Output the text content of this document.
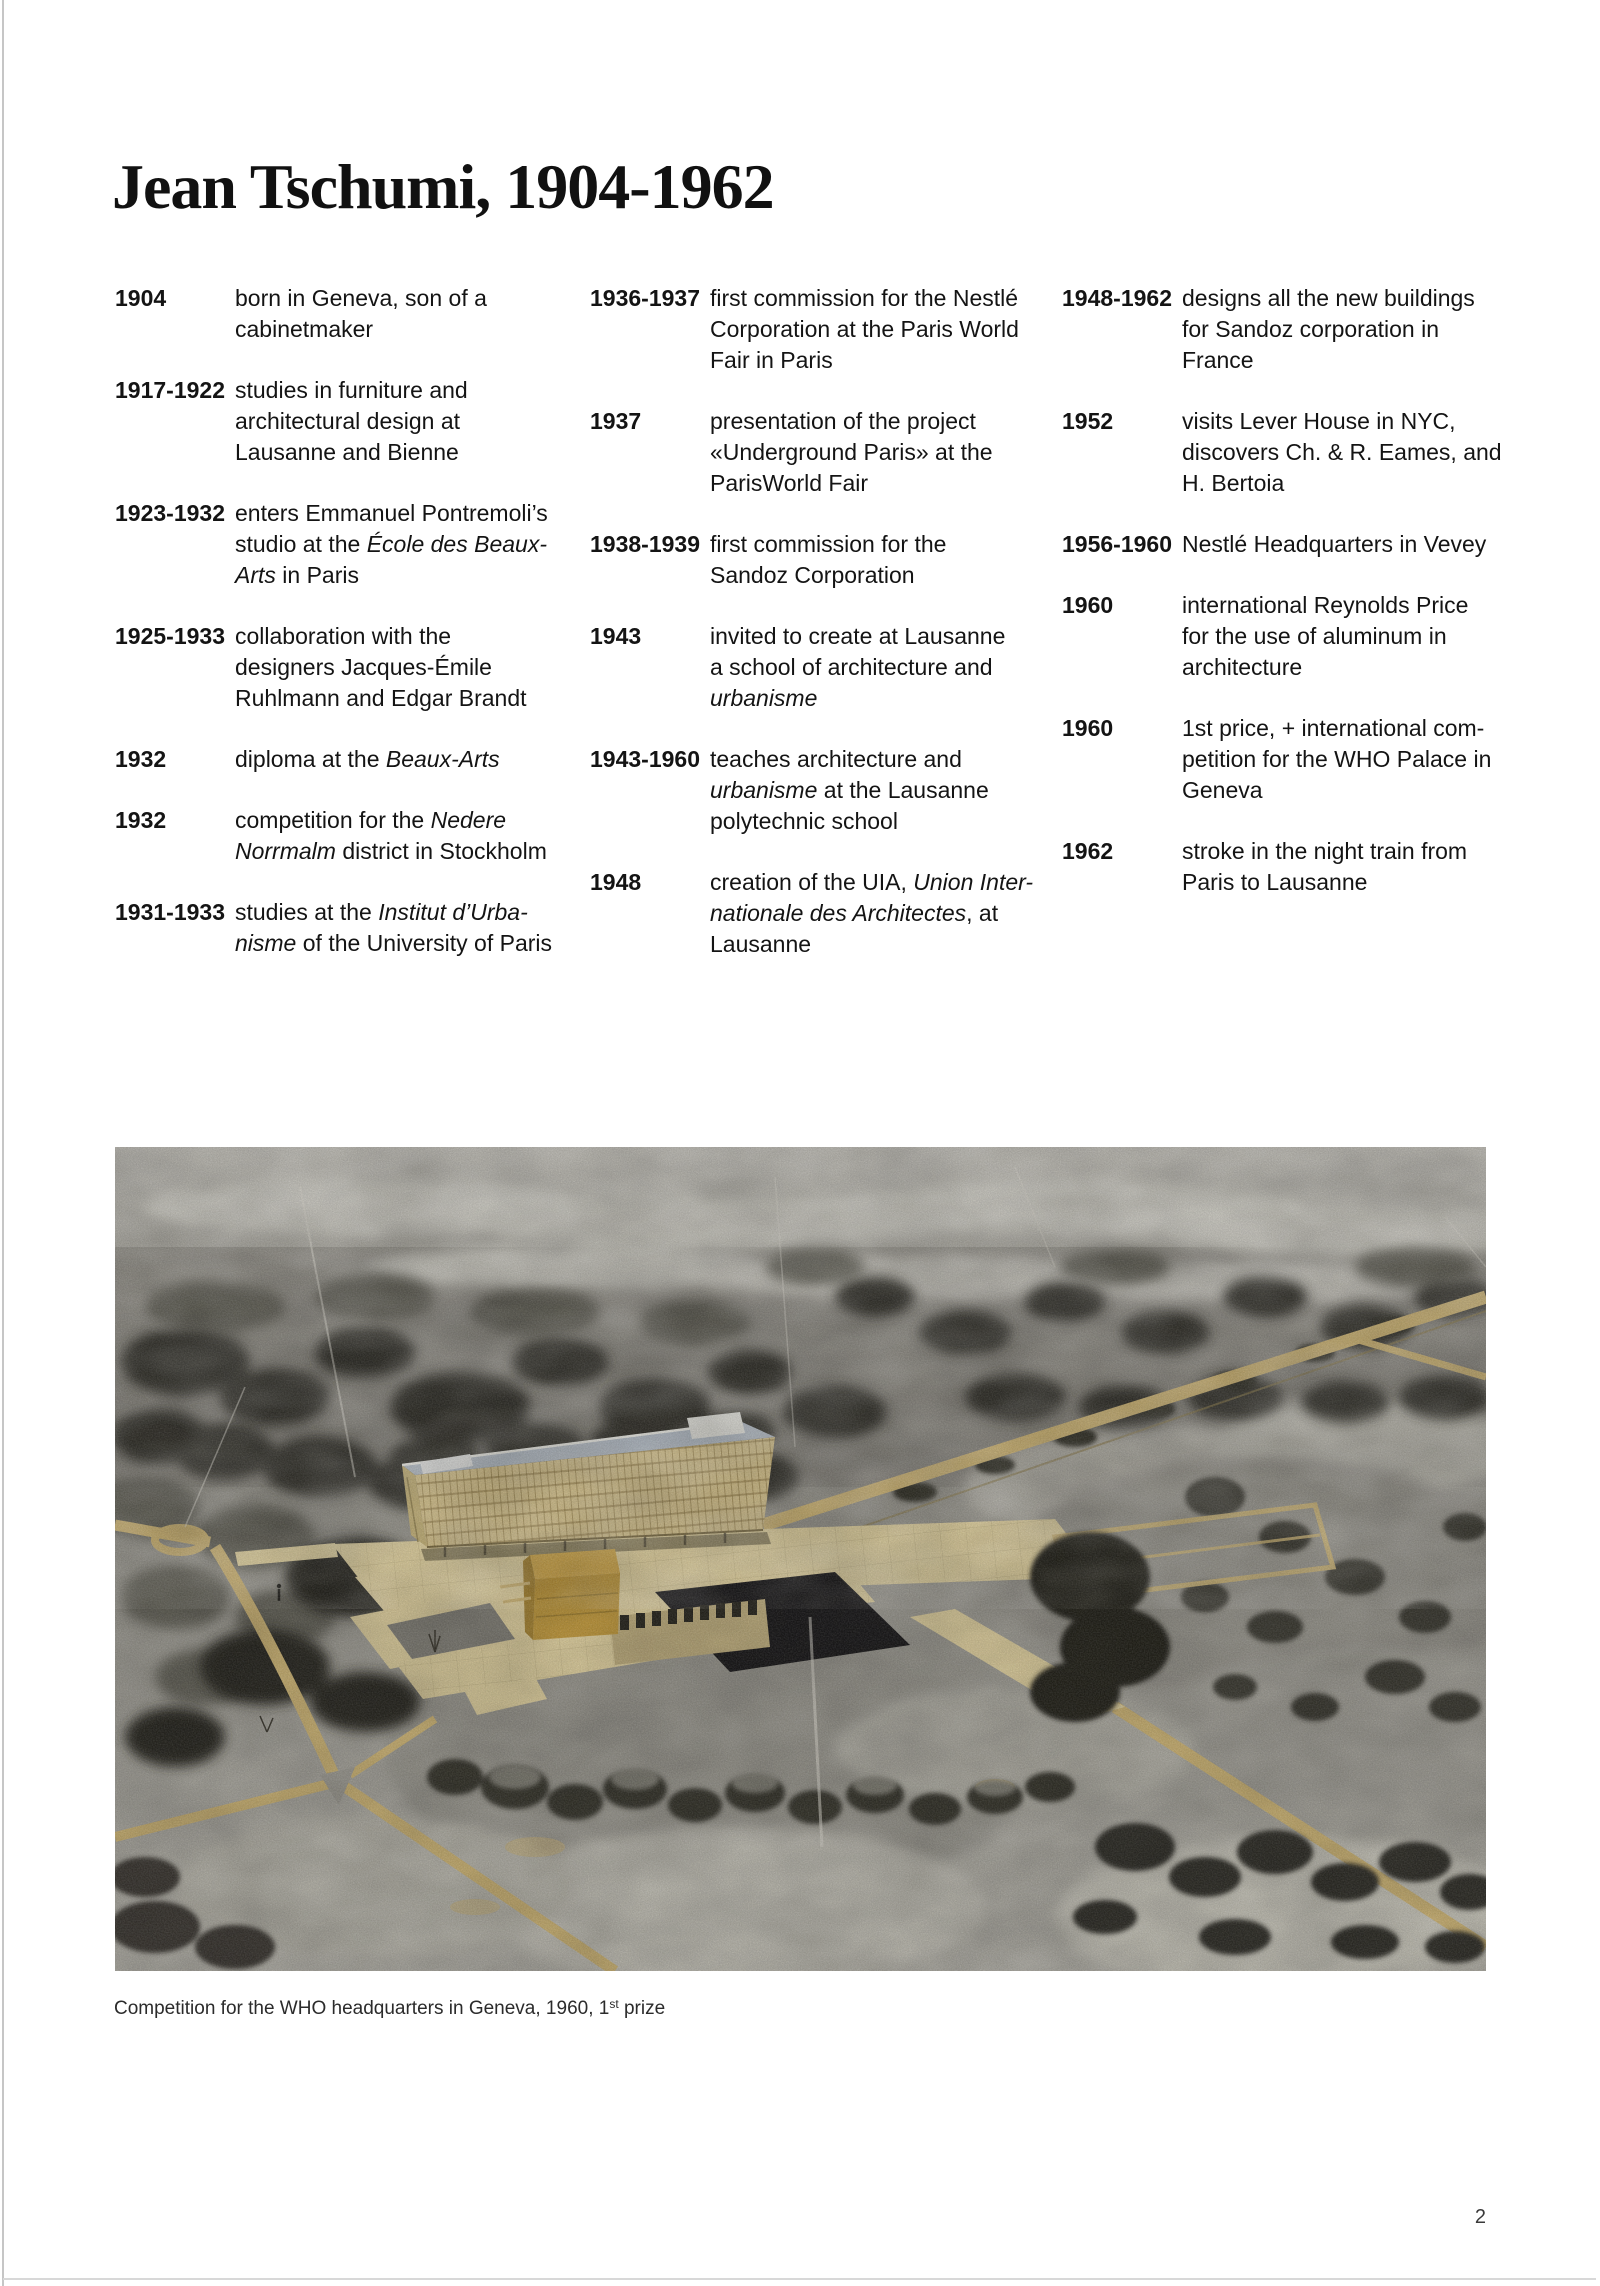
Jean Tschumi, 1904-1962
1904	born in Geneva, son of a
cabinetmaker
1917-1922 studies in furniture and
architectural design at
Lausanne and Bienne
1923-1932 enters Emmanuel Pontremoli’s
studio at the École des Beaux-
Arts in Paris
1925-1933 collaboration with the
designers Jacques-Émile
Ruhlmann and Edgar Brandt
1932	diploma at the Beaux-Arts
1932	competition for the Nedere
Norrmalm district in Stockholm
1931-1933 studies at the Institut d’Urba-
nisme of the University of Paris
1936-1937 first commission for the Nestlé
Corporation at the Paris World
Fair in Paris
1937	presentation of the project
«Underground Paris» at the
ParisWorld Fair
1938-1939 first commission for the
Sandoz Corporation
1943	invited to create at Lausanne
a school of architecture and
urbanisme
1943-1960 teaches architecture and
urbanisme at the Lausanne
polytechnic school
1948	creation of the UIA, Union Inter-
nationale des Architectes, at
Lausanne
1948-1962 designs all the new buildings
for Sandoz corporation in
France
1952	visits Lever House in NYC,
discovers Ch. & R. Eames, and
H. Bertoia
1956-1960 Nestlé Headquarters in Vevey
1960	international Reynolds Price
for the use of aluminum in
architecture
1960	1st price, + international com-
petition for the WHO Palace in
Geneva
1962	stroke in the night train from
Paris to Lausanne
Competition for the WHO headquarters in Geneva, 1960, 1st prize
2
